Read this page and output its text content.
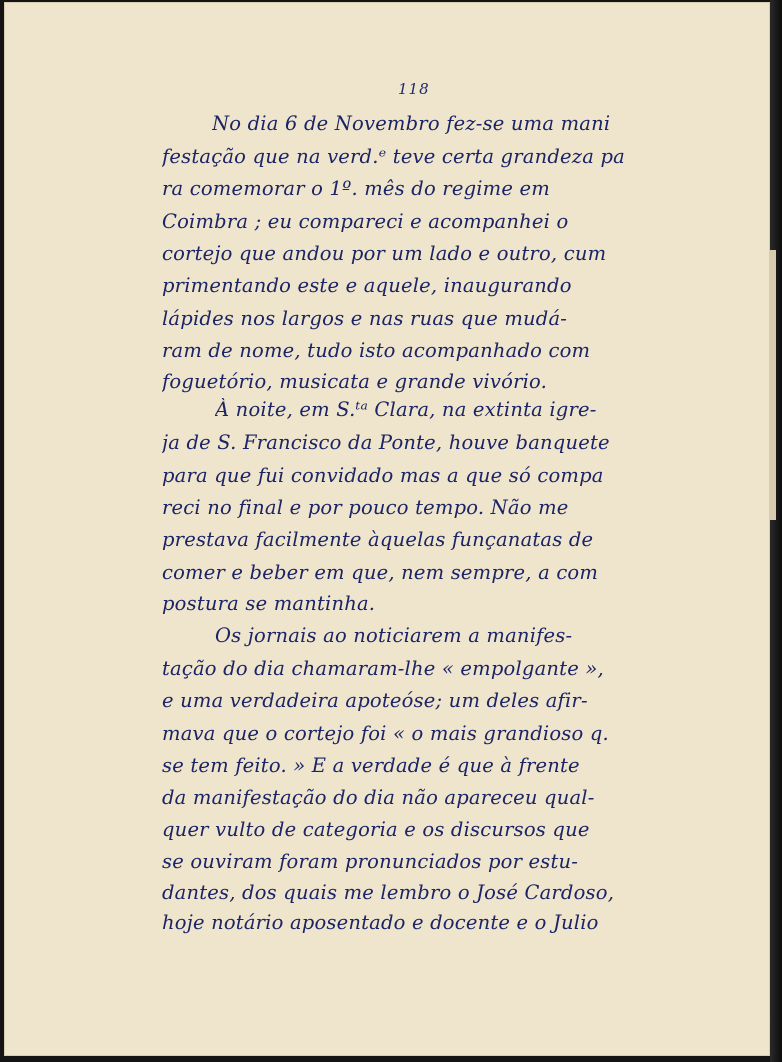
118
No dia 6 de Novembro fez-se uma mani
festação que na verd.ᵉ teve certa grandeza pa
ra comemorar o 1º. mês do regime em
Coimbra ; eu compareci e acompanhei o
cortejo que andou por um lado e outro, cum
primentando este e aquele, inaugurando
lápides nos largos e nas ruas que mudá-
ram de nome, tudo isto acompanhado com
foguetório, musicata e grande vivório.
À noite, em S.ᵗᵃ Clara, na extinta igre-
ja de S. Francisco da Ponte, houve banquete
para que fui convidado mas a que só compa
reci no final e por pouco tempo. Não me
prestava facilmente àquelas funçanatas de
comer e beber em que, nem sempre, a com
postura se mantinha.
Os jornais ao noticiarem a manifes-
tação do dia chamaram-lhe « empolgante »,
e uma verdadeira apoteóse; um deles afir-
mava que o cortejo foi « o mais grandioso q.
se tem feito. » E a verdade é que à frente
da manifestação do dia não apareceu qual-
quer vulto de categoria e os discursos que
se ouviram foram pronunciados por estu-
dantes, dos quais me lembro o José Cardoso,
hoje notário aposentado e docente e o Julio
